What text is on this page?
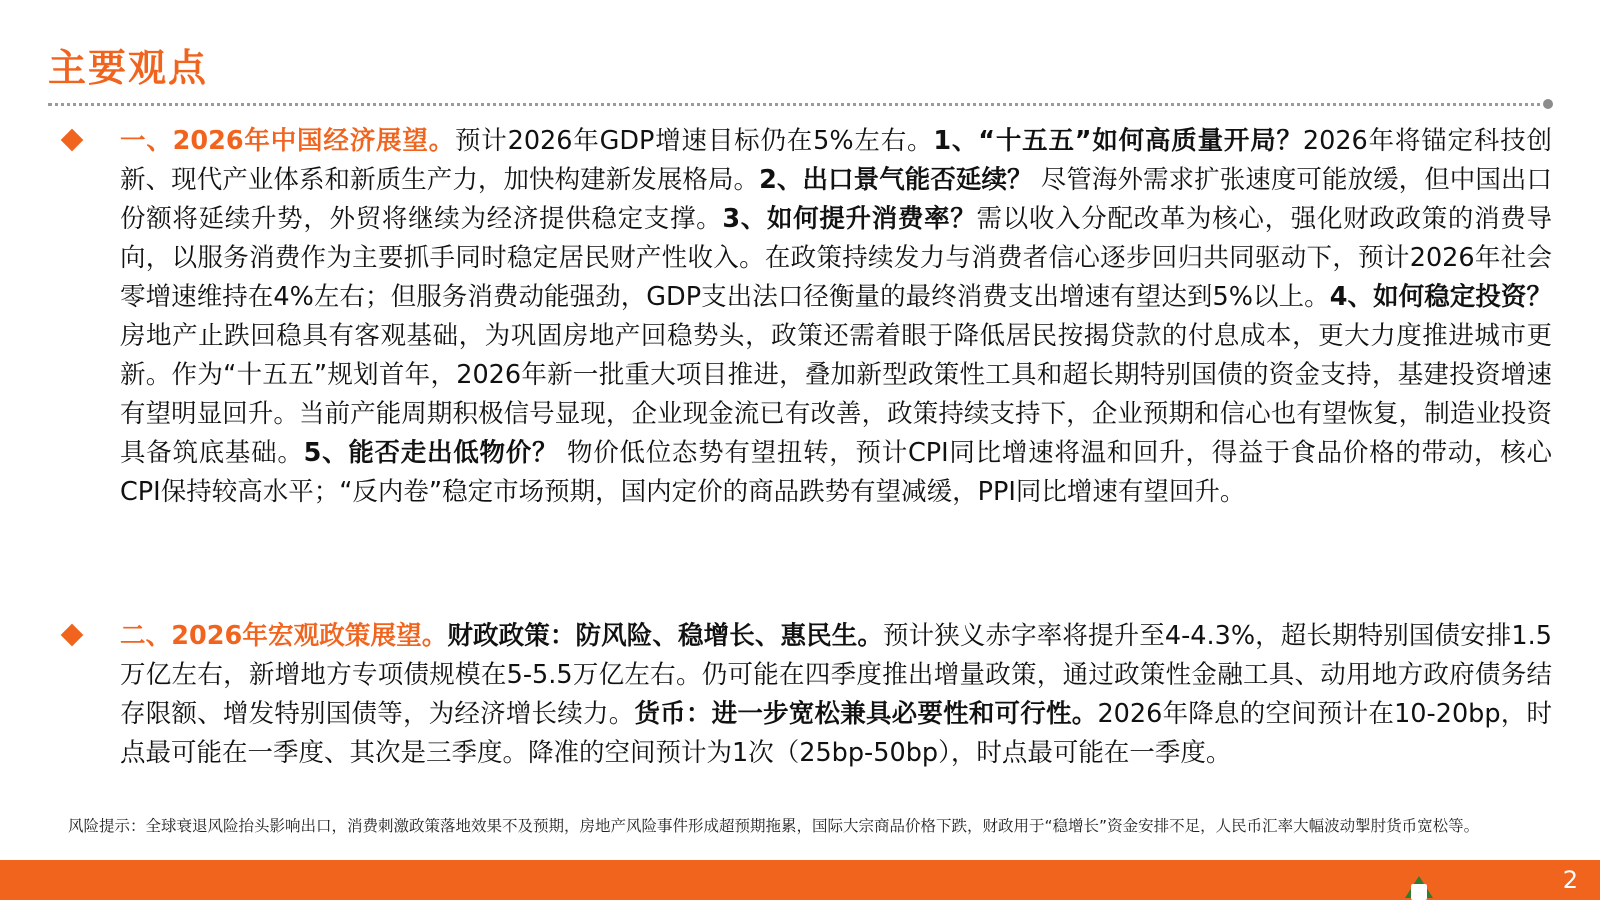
主要观点
一、2026年中国经济展望。预计2026年GDP增速目标仍在5%左右。1、“十五五”如何高质量开局？2026年将锚定科技创新、现代产业体系和新质生产力，加快构建新发展格局。2、出口景气能否延续？ 尽管海外需求扩张速度可能放缓，但中国出口份额将延续升势，外贸将继续为经济提供稳定支撑。3、如何提升消费率？需以收入分配改革为核心，强化财政政策的消费导向，以服务消费作为主要抓手同时稳定居民财产性收入。在政策持续发力与消费者信心逐步回归共同驱动下，预计2026年社会零增速维持在4%左右；但服务消费动能强劲，GDP支出法口径衡量的最终消费支出增速有望达到5%以上。4、如何稳定投资？ 房地产止跌回稳具有客观基础，为巩固房地产回稳势头，政策还需着眼于降低居民按揭贷款的付息成本，更大力度推进城市更新。作为“十五五”规划首年，2026年新一批重大项目推进，叠加新型政策性工具和超长期特别国债的资金支持，基建投资增速有望明显回升。当前产能周期积极信号显现，企业现金流已有改善，政策持续支持下，企业预期和信心也有望恢复，制造业投资具备筑底基础。5、能否走出低物价？ 物价低位态势有望扭转，预计CPI同比增速将温和回升，得益于食品价格的带动，核心CPI保持较高水平；“反内卷”稳定市场预期，国内定价的商品跌势有望减缓，PPI同比增速有望回升。
二、2026年宏观政策展望。财政政策：防风险、稳增长、惠民生。预计狭义赤字率将提升至4-4.3%，超长期特别国债安排1.5万亿左右，新增地方专项债规模在5-5.5万亿左右。仍可能在四季度推出增量政策，通过政策性金融工具、动用地方政府债务结存限额、增发特别国债等，为经济增长续力。货币：进一步宽松兼具必要性和可行性。2026年降息的空间预计在10-20bp，时点最可能在一季度、其次是三季度。降准的空间预计为1次（25bp-50bp），时点最可能在一季度。
风险提示：全球衰退风险抬头影响出口，消费刺激政策落地效果不及预期，房地产风险事件形成超预期拖累，国际大宗商品价格下跌，财政用于“稳增长”资金安排不足，人民币汇率大幅波动掣肘货币宽松等。
2
